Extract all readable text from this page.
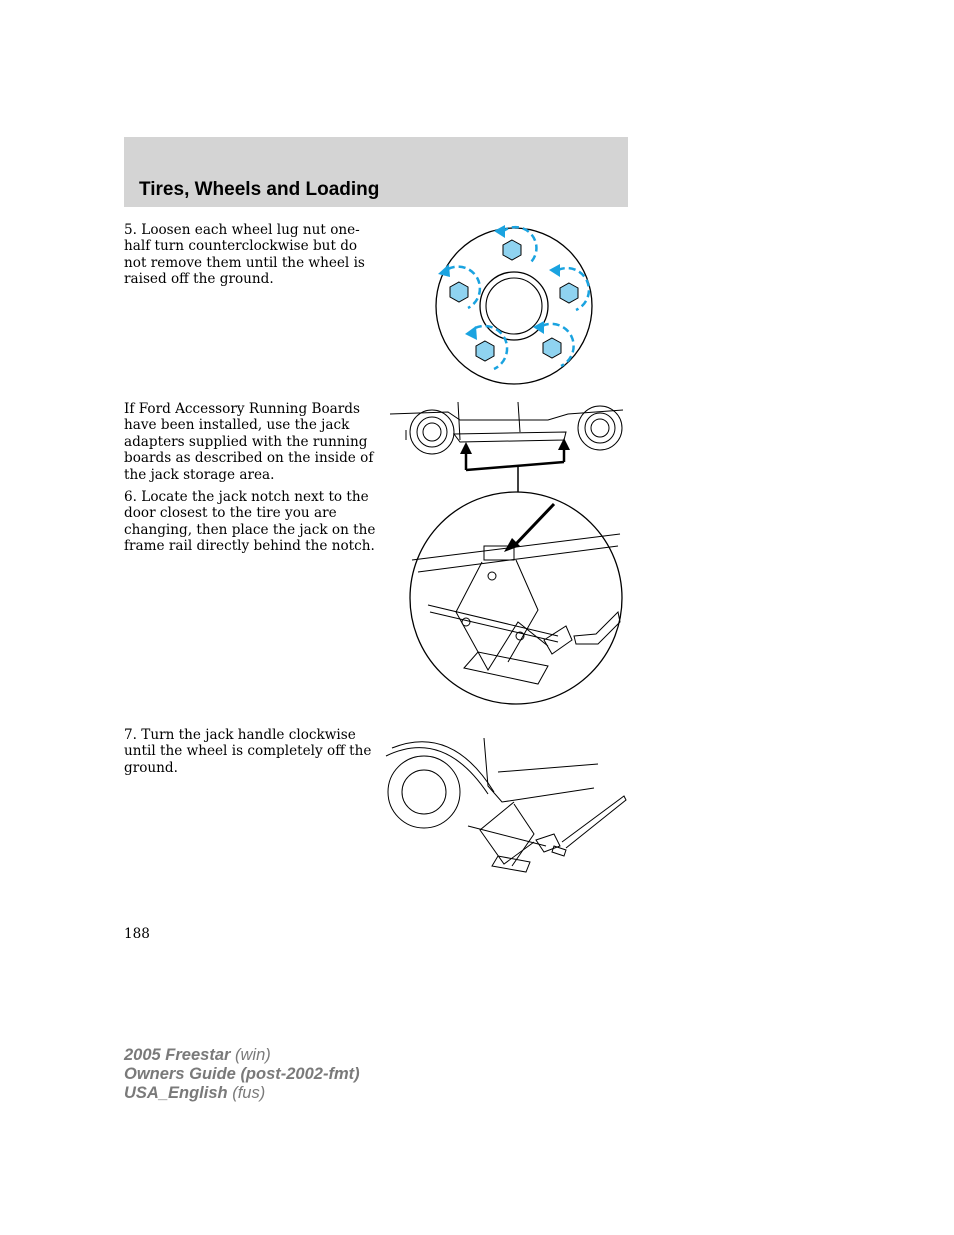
Tires, Wheels and Loading

5. Loosen each wheel lug nut one-half turn counterclockwise but do not remove them until the wheel is raised off the ground.

If Ford Accessory Running Boards have been installed, use the jack adapters supplied with the running boards as described on the inside of the jack storage area.

6. Locate the jack notch next to the door closest to the tire you are changing, then place the jack on the frame rail directly behind the notch.

7. Turn the jack handle clockwise until the wheel is completely off the ground.

188

2005 Freestar (win)
Owners Guide (post-2002-fmt)
USA_English (fus)
